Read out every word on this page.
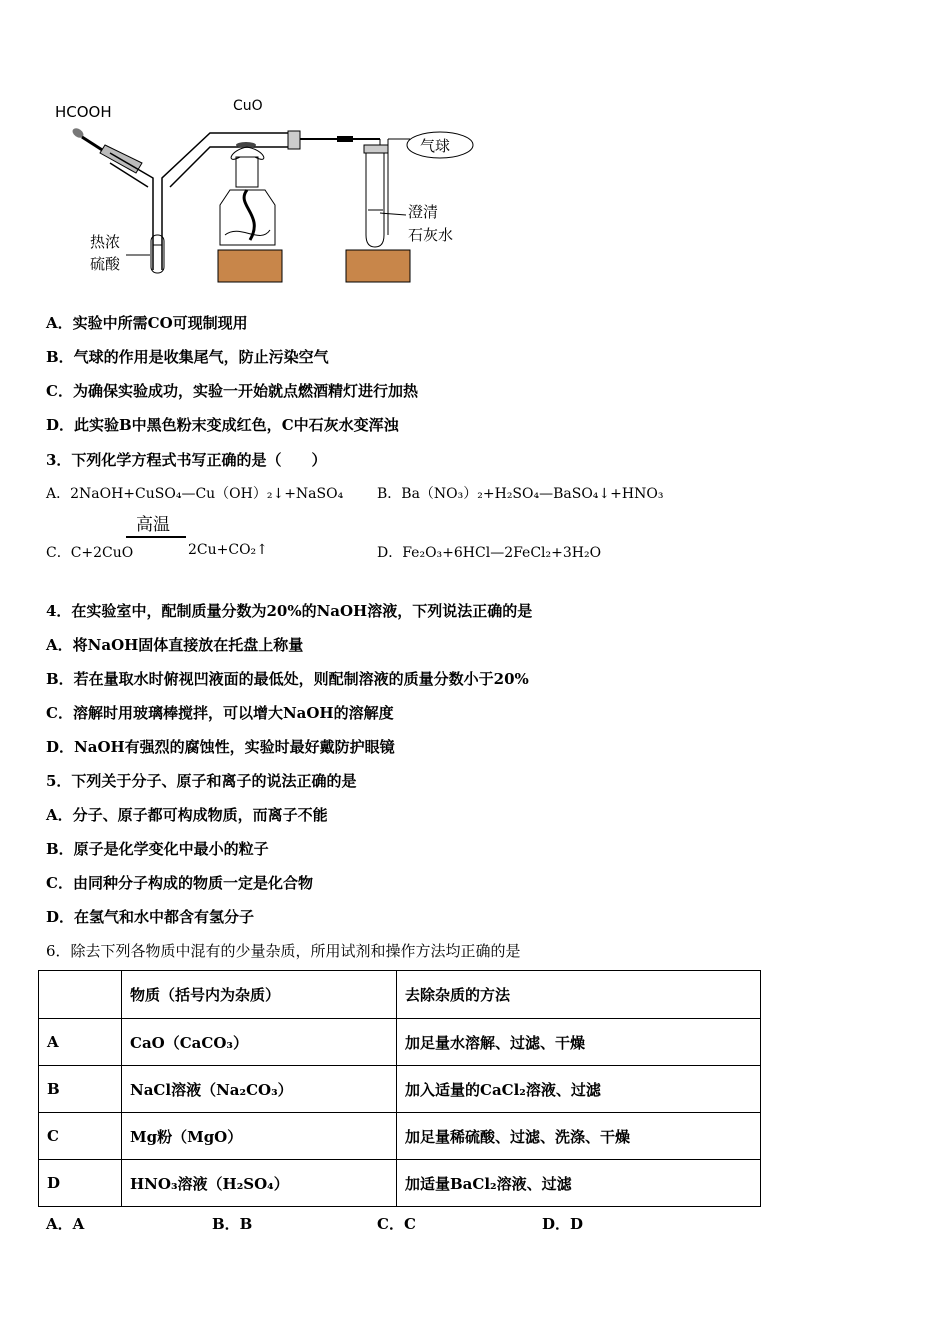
HCOOH	CuO
气球
热浓
硫酸
澄清
石灰水
A．实验中所需CO可现制现用
B．气球的作用是收集尾气，防止污染空气
C．为确保实验成功，实验一开始就点燃酒精灯进行加热
D．此实验B中黑色粉末变成红色，C中石灰水变浑浊
3．下列化学方程式书写正确的是（　　）
A．2NaOH+CuSO₄—Cu（OH）₂↓+NaSO₄ B．Ba（NO₃）₂+H₂SO₄—BaSO₄↓+HNO₃
高温
C．C+2CuO	2Cu+CO₂↑	D．Fe₂O₃+6HCl—2FeCl₂+3H₂O
4．在实验室中，配制质量分数为20%的NaOH溶液，下列说法正确的是
A．将NaOH固体直接放在托盘上称量
B．若在量取水时俯视凹液面的最低处，则配制溶液的质量分数小于20%
C．溶解时用玻璃棒搅拌，可以增大NaOH的溶解度
D．NaOH有强烈的腐蚀性，实验时最好戴防护眼镜
5．下列关于分子、原子和离子的说法正确的是
A．分子、原子都可构成物质，而离子不能
B．原子是化学变化中最小的粒子
C．由同种分子构成的物质一定是化合物
D．在氢气和水中都含有氢分子
6．除去下列各物质中混有的少量杂质，所用试剂和操作方法均正确的是
	物质（括号内为杂质）	去除杂质的方法
A	CaO（CaCO₃）	加足量水溶解、过滤、干燥
B	NaCl溶液（Na₂CO₃）	加入适量的CaCl₂溶液、过滤
C	Mg粉（MgO）	加足量稀硫酸、过滤、洗涤、干燥
D	HNO₃溶液（H₂SO₄）	加适量BaCl₂溶液、过滤
A．A	B．B	C．C	D．D
